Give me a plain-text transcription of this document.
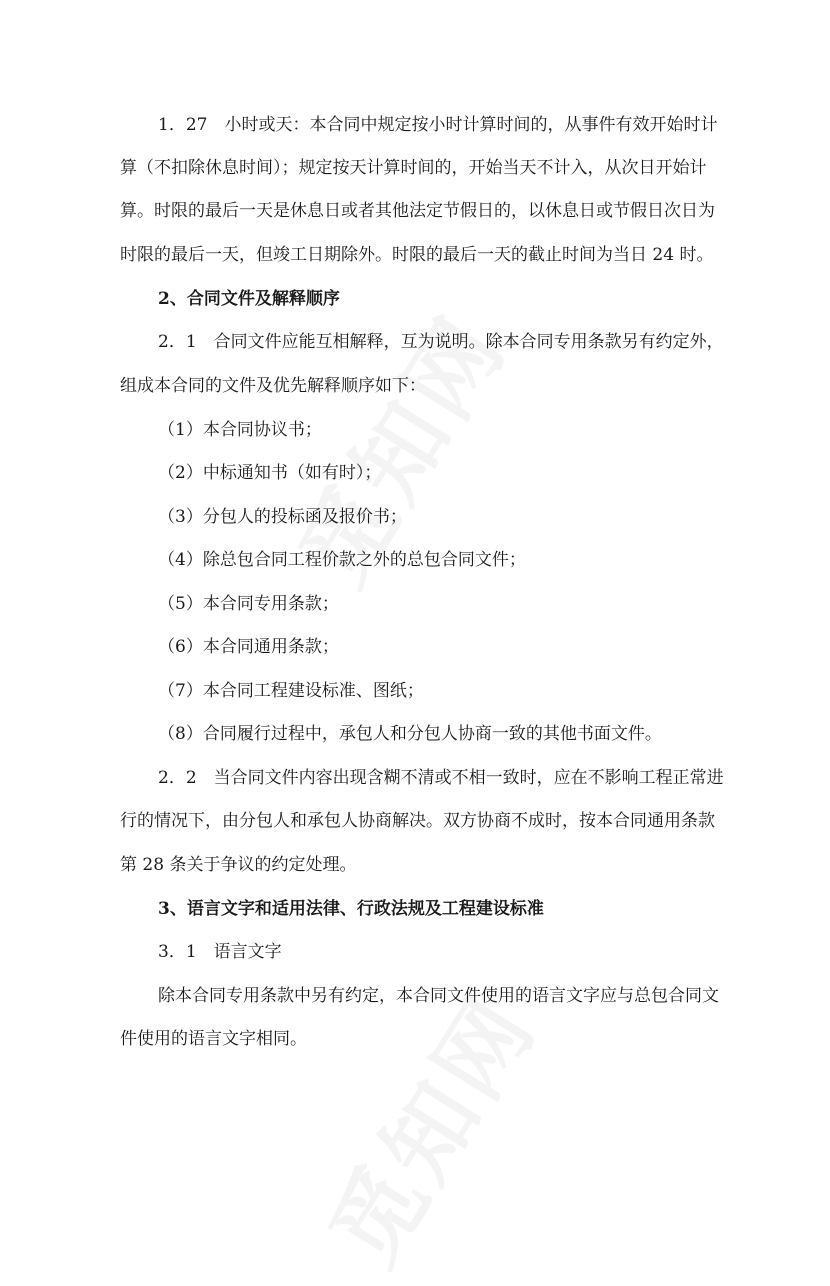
1．27　小时或天：本合同中规定按小时计算时间的，从事件有效开始时计
算（不扣除休息时间）；规定按天计算时间的，开始当天不计入，从次日开始计
算。时限的最后一天是休息日或者其他法定节假日的，以休息日或节假日次日为
时限的最后一天，但竣工日期除外。时限的最后一天的截止时间为当日 24 时。
2、合同文件及解释顺序
2．1　合同文件应能互相解释，互为说明。除本合同专用条款另有约定外，
组成本合同的文件及优先解释顺序如下：
（1）本合同协议书；
（2）中标通知书（如有时）；
（3）分包人的投标函及报价书；
（4）除总包合同工程价款之外的总包合同文件；
（5）本合同专用条款；
（6）本合同通用条款；
（7）本合同工程建设标准、图纸；
（8）合同履行过程中，承包人和分包人协商一致的其他书面文件。
2．2　当合同文件内容出现含糊不清或不相一致时，应在不影响工程正常进
行的情况下，由分包人和承包人协商解决。双方协商不成时，按本合同通用条款
第 28 条关于争议的约定处理。
3、语言文字和适用法律、行政法规及工程建设标准
3．1　语言文字
除本合同专用条款中另有约定，本合同文件使用的语言文字应与总包合同文
件使用的语言文字相同。
